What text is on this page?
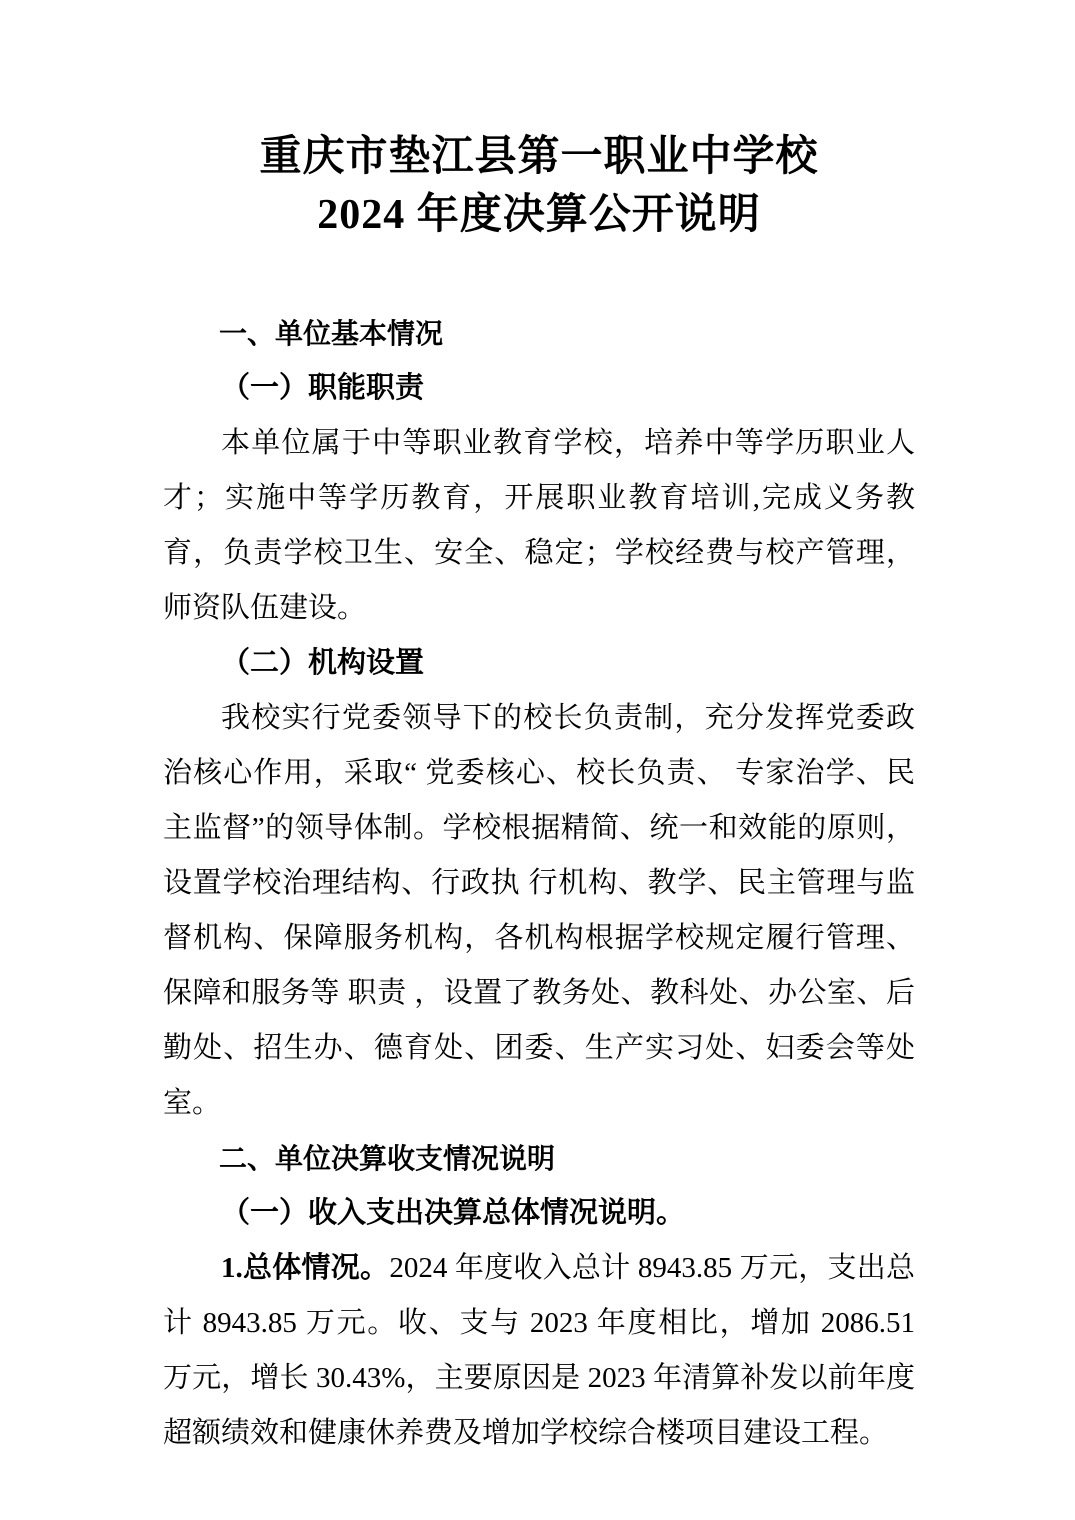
重庆市垫江县第一职业中学校
2024 年度决算公开说明

一、单位基本情况

（一）职能职责

本单位属于中等职业教育学校，培养中等学历职业人才；实施中等学历教育，开展职业教育培训,完成义务教育，负责学校卫生、安全、稳定；学校经费与校产管理，师资队伍建设。

（二）机构设置

我校实行党委领导下的校长负责制，充分发挥党委政治核心作用，采取“ 党委核心、校长负责、 专家治学、民主监督”的领导体制。学校根据精简、统一和效能的原则，设置学校治理结构、行政执 行机构、教学、民主管理与监督机构、保障服务机构，各机构根据学校规定履行管理、保障和服务等 职责 ，设置了教务处、教科处、办公室、后勤处、招生办、德育处、团委、生产实习处、妇委会等处室。

二、单位决算收支情况说明

（一）收入支出决算总体情况说明。

1.总体情况。2024 年度收入总计 8943.85 万元，支出总计 8943.85 万元。收、支与 2023 年度相比，增加 2086.51 万元，增长 30.43%，主要原因是 2023 年清算补发以前年度超额绩效和健康休养费及增加学校综合楼项目建设工程。
